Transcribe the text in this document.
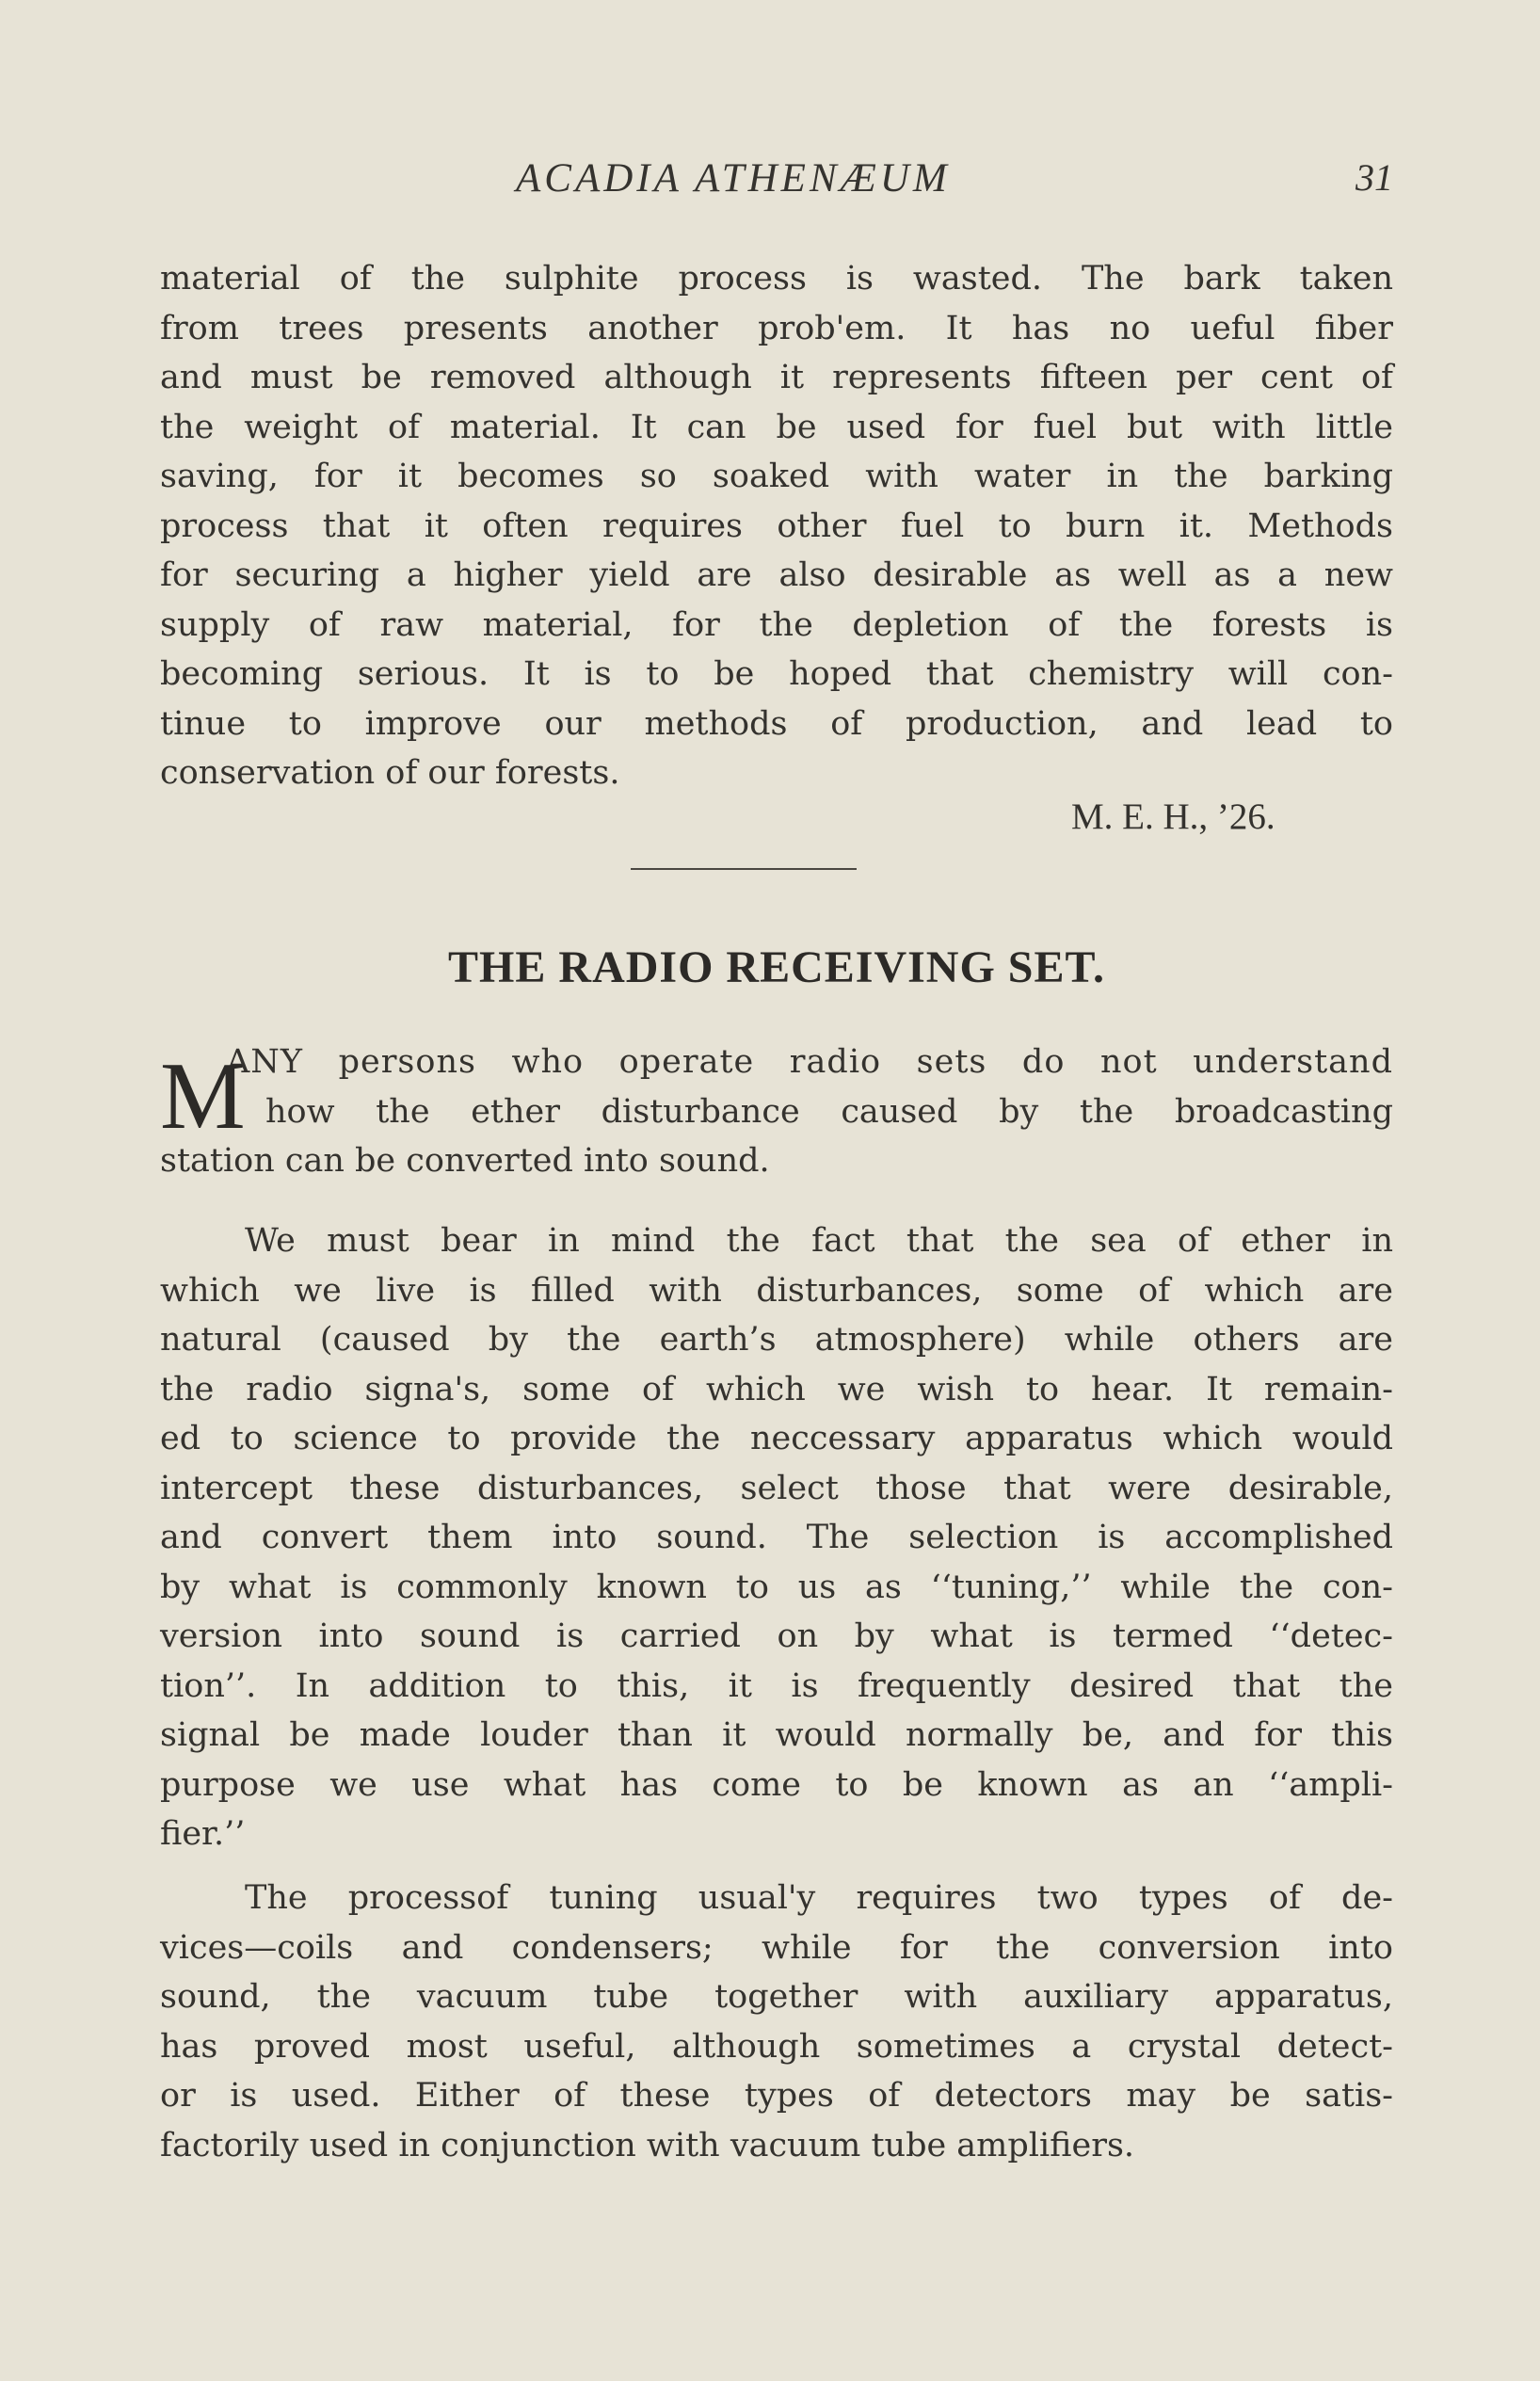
ACADIA ATHENÆUM	31
material of the sulphite process is wasted. The bark taken
from trees presents another prob'em. It has no ueful fiber
and must be removed although it represents fifteen per cent of
the weight of material. It can be used for fuel but with little
saving, for it becomes so soaked with water in the barking
process that it often requires other fuel to burn it. Methods
for securing a higher yield are also desirable as well as a new
supply of raw material, for the depletion of the forests is
becoming serious. It is to be hoped that chemistry will con-
tinue to improve our methods of production, and lead to
conservation of our forests.
M. E. H., ’26.
THE RADIO RECEIVING SET.
M
ANY persons who operate radio sets do not understand
how the ether disturbance caused by the broadcasting
station can be converted into sound.
We must bear in mind the fact that the sea of ether in
which we live is filled with disturbances, some of which are
natural (caused by the earth’s atmosphere) while others are
the radio signa's, some of which we wish to hear. It remain-
ed to science to provide the neccessary apparatus which would
intercept these disturbances, select those that were desirable,
and convert them into sound. The selection is accomplished
by what is commonly known to us as ‘‘tuning,’’ while the con-
version into sound is carried on by what is termed ‘‘detec-
tion’’. In addition to this, it is frequently desired that the
signal be made louder than it would normally be, and for this
purpose we use what has come to be known as an ‘‘ampli-
fier.’’
The processof tuning usual'y requires two types of de-
vices—coils and condensers; while for the conversion into
sound, the vacuum tube together with auxiliary apparatus,
has proved most useful, although sometimes a crystal detect-
or is used. Either of these types of detectors may be satis-
factorily used in conjunction with vacuum tube amplifiers.
